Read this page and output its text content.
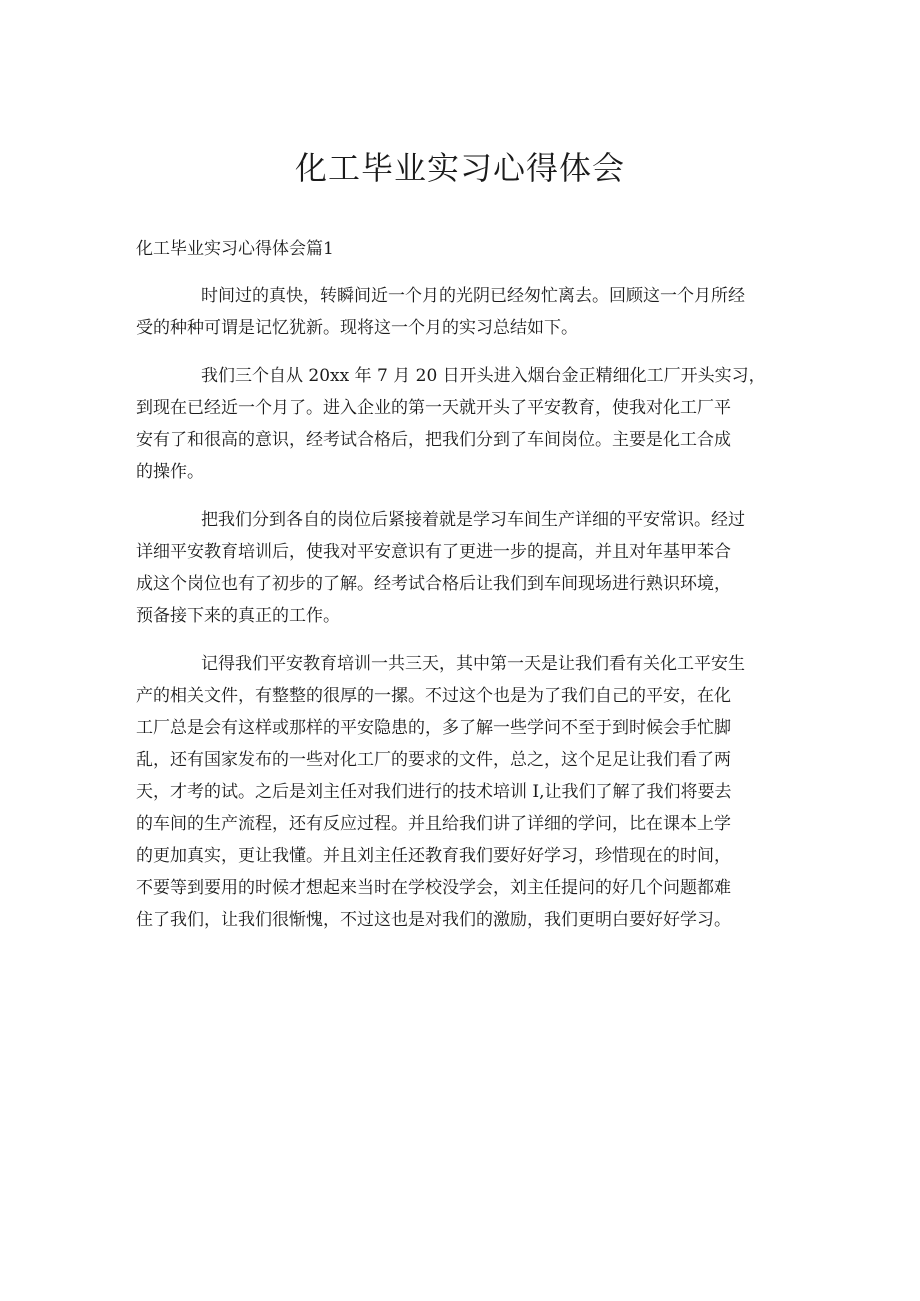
化工毕业实习心得体会

化工毕业实习心得体会篇1

时间过的真快，转瞬间近一个月的光阴已经匆忙离去。回顾这一个月所经
受的种种可谓是记忆犹新。现将这一个月的实习总结如下。
我们三个自从 20xx 年 7 月 20 日开头进入烟台金正精细化工厂开头实习，
到现在已经近一个月了。进入企业的第一天就开头了平安教育，使我对化工厂平
安有了和很高的意识，经考试合格后，把我们分到了车间岗位。主要是化工合成
的操作。
把我们分到各自的岗位后紧接着就是学习车间生产详细的平安常识。经过
详细平安教育培训后，使我对平安意识有了更进一步的提高，并且对年基甲苯合
成这个岗位也有了初步的了解。经考试合格后让我们到车间现场进行熟识环境，
预备接下来的真正的工作。
记得我们平安教育培训一共三天，其中第一天是让我们看有关化工平安生
产的相关文件，有整整的很厚的一摞。不过这个也是为了我们自己的平安，在化
工厂总是会有这样或那样的平安隐患的，多了解一些学问不至于到时候会手忙脚
乱，还有国家发布的一些对化工厂的要求的文件，总之，这个足足让我们看了两
天，才考的试。之后是刘主任对我们进行的技术培训 I,让我们了解了我们将要去
的车间的生产流程，还有反应过程。并且给我们讲了详细的学问，比在课本上学
的更加真实，更让我懂。并且刘主任还教育我们要好好学习，珍惜现在的时间，
不要等到要用的时候才想起来当时在学校没学会，刘主任提问的好几个问题都难
住了我们，让我们很惭愧，不过这也是对我们的激励，我们更明白要好好学习。
